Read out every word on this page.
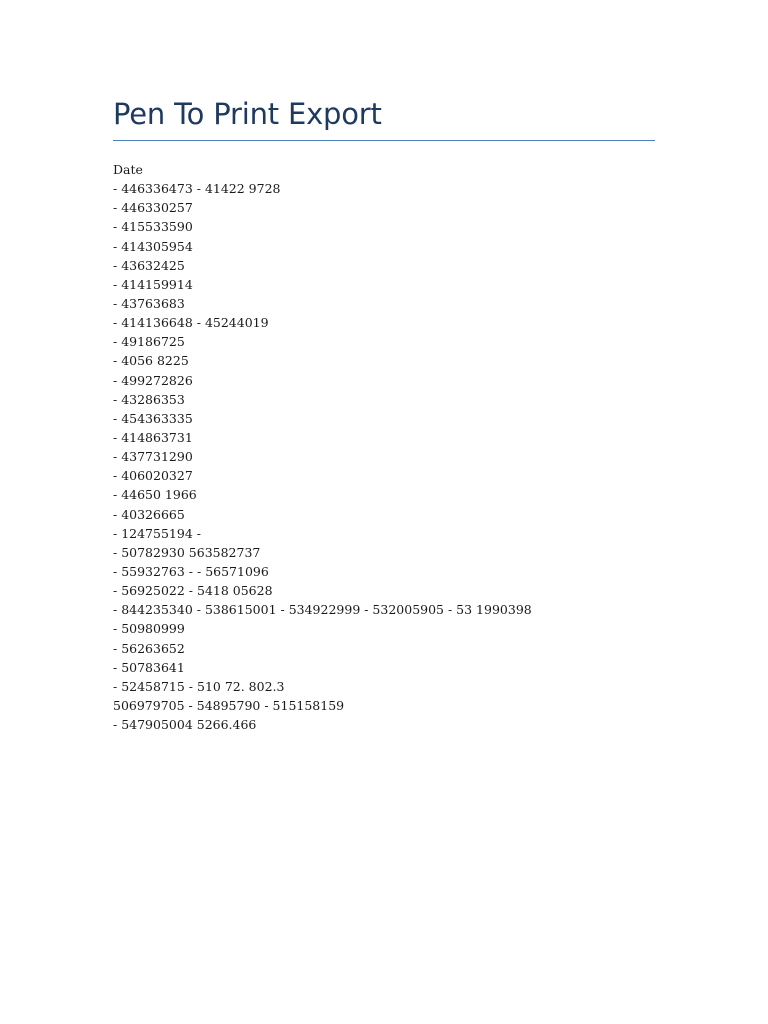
Pen To Print Export
Date
- 446336473 - 41422 9728
- 446330257
- 415533590
- 414305954
- 43632425
- 414159914
- 43763683
- 414136648 - 45244019
- 49186725
- 4056 8225
- 499272826
- 43286353
- 454363335
- 414863731
- 437731290
- 406020327
- 44650 1966
- 40326665
- 124755194 -
- 50782930 563582737
- 55932763 - - 56571096
- 56925022 - 5418 05628
- 844235340 - 538615001 - 534922999 - 532005905 - 53 1990398
- 50980999
- 56263652
- 50783641
- 52458715 - 510 72. 802.3
506979705 - 54895790 - 515158159
- 547905004 5266.466
